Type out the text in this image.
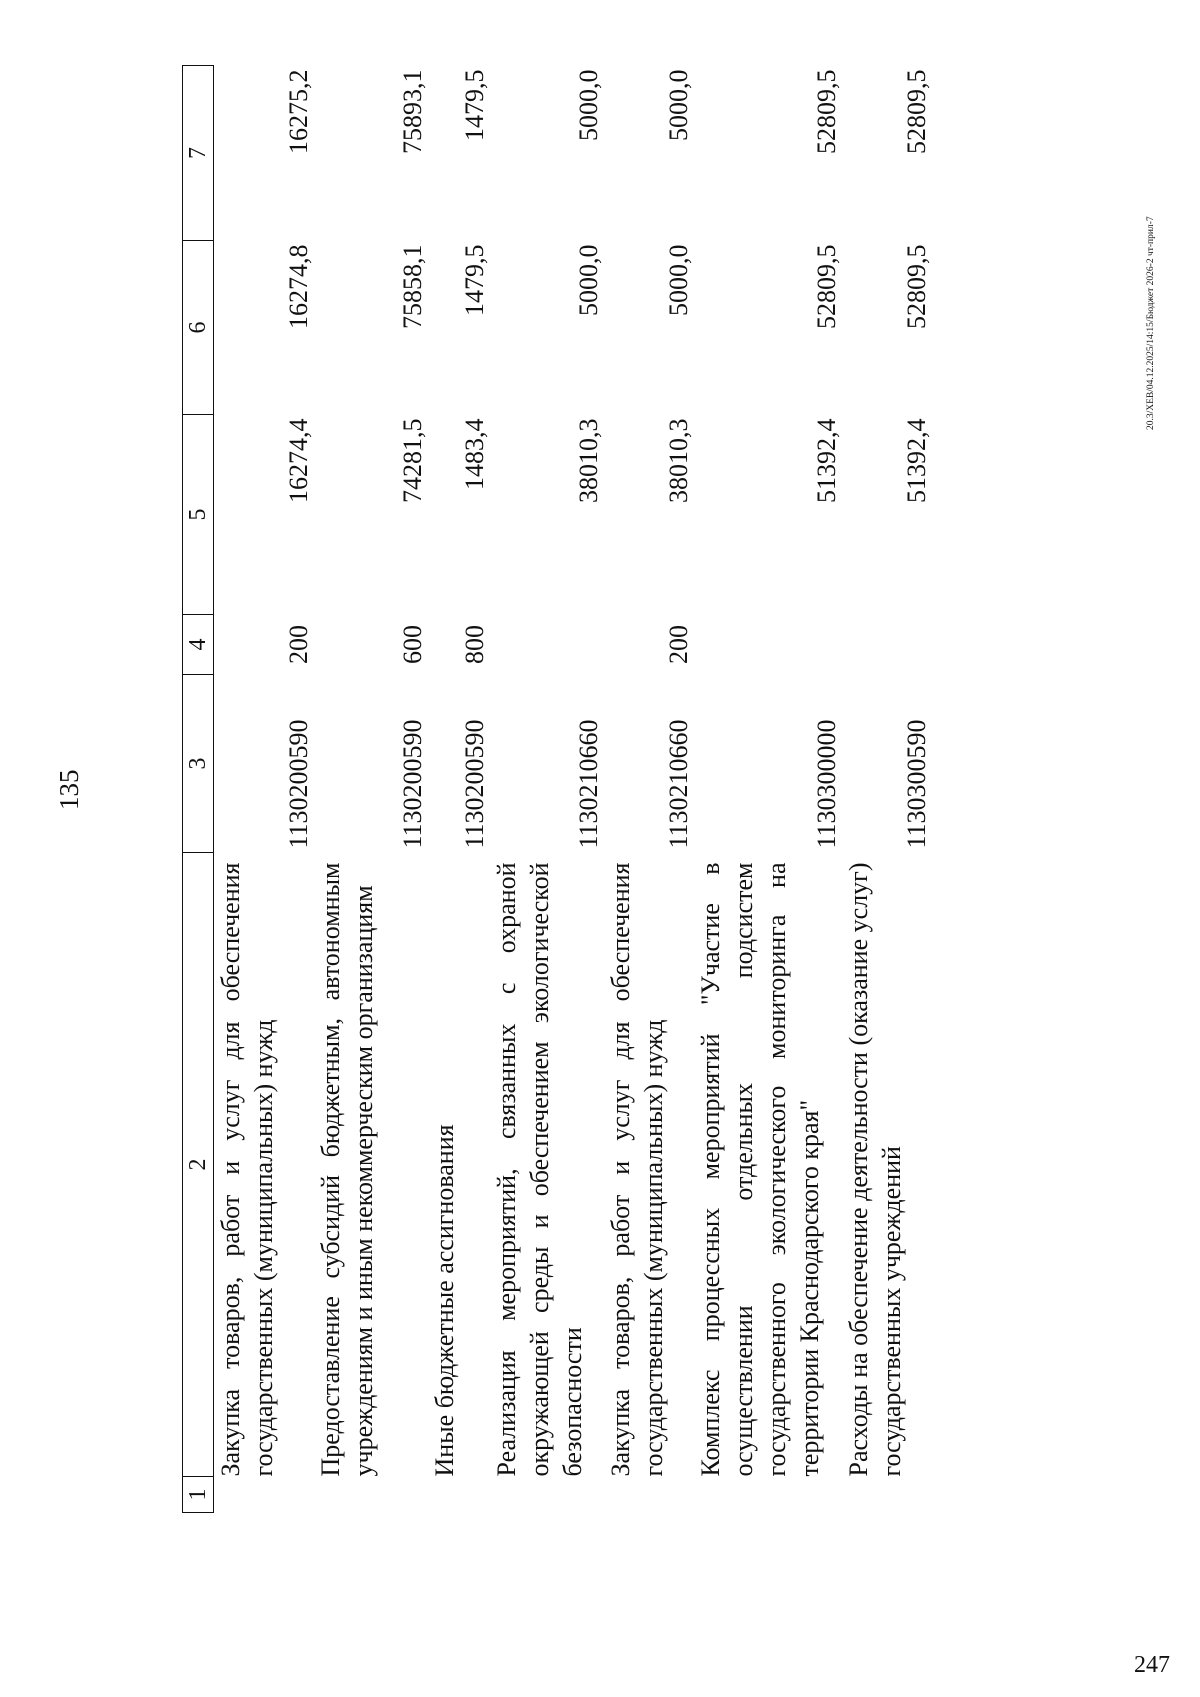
135
1	2	3	4	5	6	7
	Закупка товаров, работ и услуг для обеспечения государственных (муниципальных) нужд	1130200590	200	16274,4	16274,8	16275,2
	Предоставление субсидий бюджетным, автономным учреждениям и иным некоммерческим организациям	1130200590	600	74281,5	75858,1	75893,1
	Иные бюджетные ассигнования	1130200590	800	1483,4	1479,5	1479,5
	Реализация мероприятий, связанных с охраной окружающей среды и обеспечением экологической безопасности	1130210660		38010,3	5000,0	5000,0
	Закупка товаров, работ и услуг для обеспечения государственных (муниципальных) нужд	1130210660	200	38010,3	5000,0	5000,0
	Комплекс процессных мероприятий "Участие в осуществлении отдельных подсистем государственного экологического мониторинга на территории Краснодарского края"	1130300000		51392,4	52809,5	52809,5
	Расходы на обеспечение деятельности (оказание услуг) государственных учреждений	1130300590		51392,4	52809,5	52809,5
20.3/ХЕВ/04.12.2025/14:15/Бюджет 2026-2 чт-прил-7
247
